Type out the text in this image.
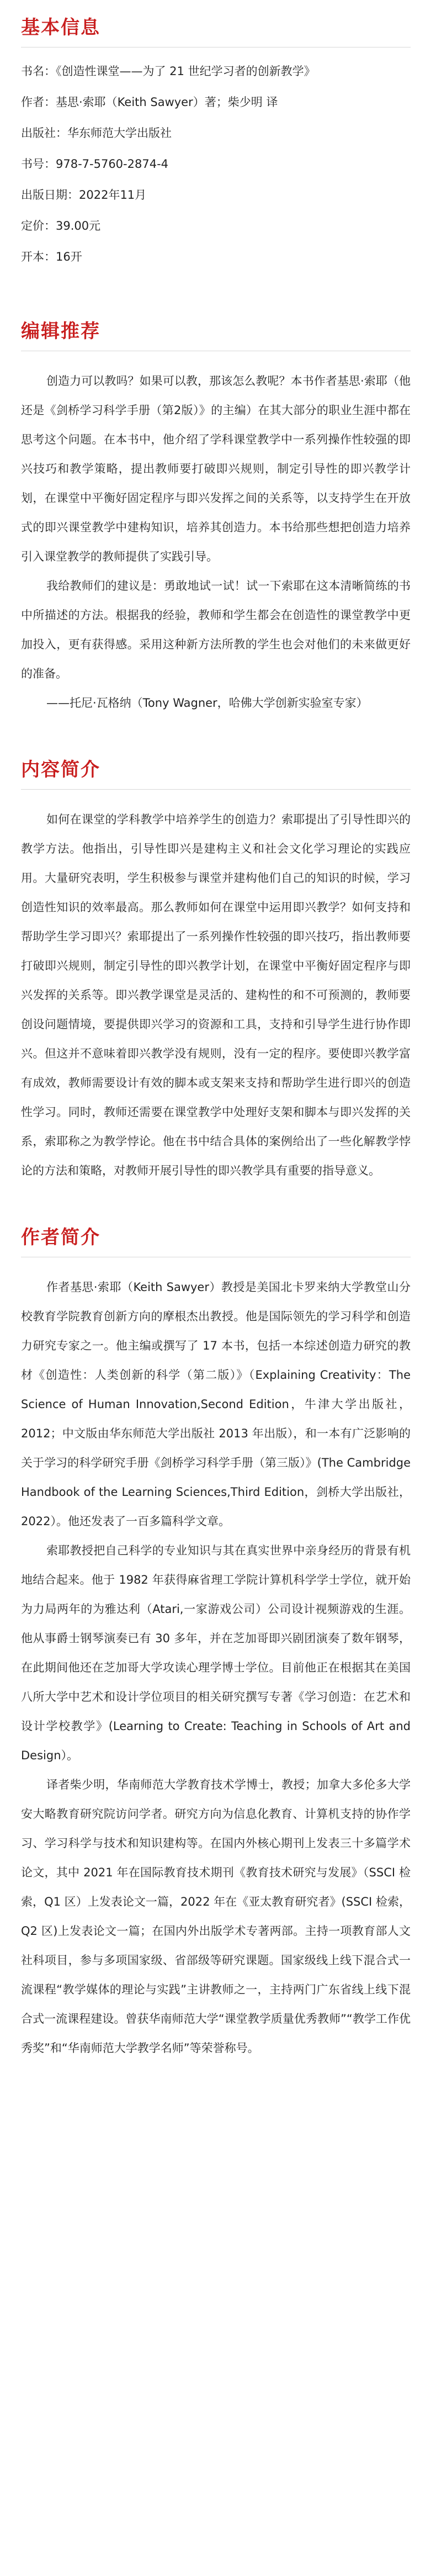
基本信息

书名：《创造性课堂——为了 21 世纪学习者的创新教学》

作者：基思·索耶（Keith Sawyer）著；柴少明 译

出版社：华东师范大学出版社

书号：978-7-5760-2874-4

出版日期：2022年11月

定价：39.00元

开本：16开

编辑推荐

创造力可以教吗？如果可以教，那该怎么教呢？本书作者基思·索耶（他还是《剑桥学习科学手册（第2版）》的主编）在其大部分的职业生涯中都在思考这个问题。在本书中，他介绍了学科课堂教学中一系列操作性较强的即兴技巧和教学策略，提出教师要打破即兴规则，制定引导性的即兴教学计划，在课堂中平衡好固定程序与即兴发挥之间的关系等，以支持学生在开放式的即兴课堂教学中建构知识，培养其创造力。本书给那些想把创造力培养引入课堂教学的教师提供了实践引导。

我给教师们的建议是：勇敢地试一试！试一下索耶在这本清晰简练的书中所描述的方法。根据我的经验，教师和学生都会在创造性的课堂教学中更加投入，更有获得感。采用这种新方法所教的学生也会对他们的未来做更好的准备。

——托尼·瓦格纳（Tony Wagner，哈佛大学创新实验室专家）

内容简介

如何在课堂的学科教学中培养学生的创造力？索耶提出了引导性即兴的教学方法。他指出，引导性即兴是建构主义和社会文化学习理论的实践应用。大量研究表明，学生积极参与课堂并建构他们自己的知识的时候，学习创造性知识的效率最高。那么教师如何在课堂中运用即兴教学？如何支持和帮助学生学习即兴？索耶提出了一系列操作性较强的即兴技巧，指出教师要打破即兴规则，制定引导性的即兴教学计划，在课堂中平衡好固定程序与即兴发挥的关系等。即兴教学课堂是灵活的、建构性的和不可预测的，教师要创设问题情境，要提供即兴学习的资源和工具，支持和引导学生进行协作即兴。但这并不意味着即兴教学没有规则，没有一定的程序。要使即兴教学富有成效，教师需要设计有效的脚本或支架来支持和帮助学生进行即兴的创造性学习。同时，教师还需要在课堂教学中处理好支架和脚本与即兴发挥的关系，索耶称之为教学悖论。他在书中结合具体的案例给出了一些化解教学悖论的方法和策略，对教师开展引导性的即兴教学具有重要的指导意义。

作者简介

作者基思·索耶（Keith Sawyer）教授是美国北卡罗来纳大学教堂山分校教育学院教育创新方向的摩根杰出教授。他是国际领先的学习科学和创造力研究专家之一。他主编或撰写了 17 本书，包括一本综述创造力研究的教材《创造性：人类创新的科学（第二版）》（Explaining Creativity：The Science of Human Innovation,Second Edition，牛津大学出版社，2012；中文版由华东师范大学出版社 2013 年出版），和一本有广泛影响的关于学习的科学研究手册《剑桥学习科学手册（第三版）》(The Cambridge Handbook of the Learning Sciences,Third Edition，剑桥大学出版社，2022）。他还发表了一百多篇科学文章。

索耶教授把自己科学的专业知识与其在真实世界中亲身经历的背景有机地结合起来。他于 1982 年获得麻省理工学院计算机科学学士学位，就开始为力局两年的为雅达利（Atari,一家游戏公司）公司设计视频游戏的生涯。他从事爵士钢琴演奏已有 30 多年，并在芝加哥即兴剧团演奏了数年钢琴，在此期间他还在芝加哥大学攻读心理学博士学位。目前他正在根据其在美国八所大学中艺术和设计学位项目的相关研究撰写专著《学习创造：在艺术和设计学校教学》(Learning to Create: Teaching in Schools of Art and Design）。

译者柴少明，华南师范大学教育技术学博士，教授；加拿大多伦多大学安大略教育研究院访问学者。研究方向为信息化教育、计算机支持的协作学习、学习科学与技术和知识建构等。在国内外核心期刊上发表三十多篇学术论文，其中 2021 年在国际教育技术期刊《教育技术研究与发展》（SSCI 检索，Q1 区）上发表论文一篇，2022 年在《亚太教育研究者》(SSCI 检索，Q2 区)上发表论文一篇；在国内外出版学术专著两部。主持一项教育部人文社科项目，参与多项国家级、省部级等研究课题。国家级线上线下混合式一流课程“教学媒体的理论与实践”主讲教师之一，主持两门广东省线上线下混合式一流课程建设。曾获华南师范大学“课堂教学质量优秀教师”“教学工作优秀奖”和“华南师范大学教学名师”等荣誉称号。
